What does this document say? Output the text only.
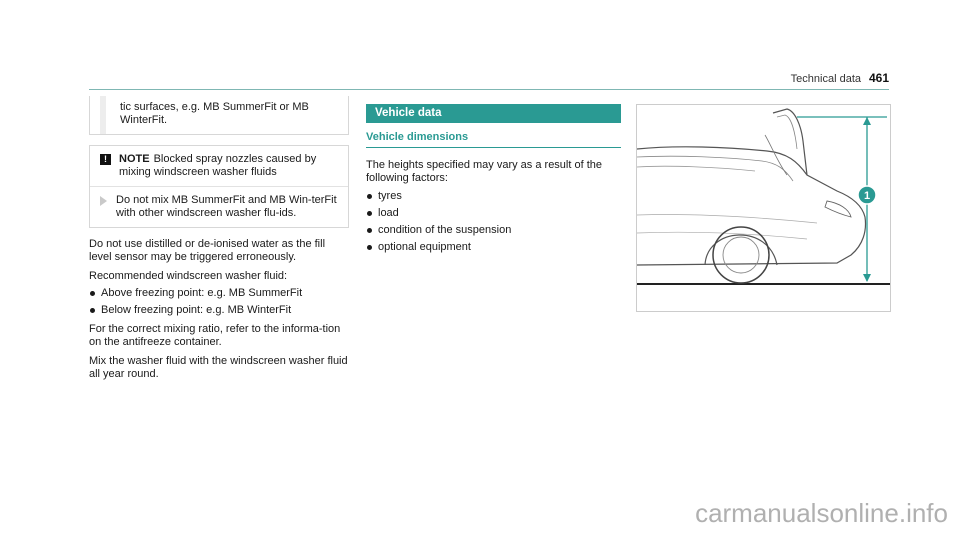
Technical data 461
tic surfaces, e.g. MB SummerFit or MB WinterFit.
!	NOTE Blocked spray nozzles caused by mixing windscreen washer fluids
Do not mix MB SummerFit and MB Win-terFit with other windscreen washer flu-ids.

Do not use distilled or de-ionised water as the fill level sensor may be triggered erroneously.

Recommended windscreen washer fluid:

Above freezing point: e.g. MB SummerFit
Below freezing point: e.g. MB WinterFit

For the correct mixing ratio, refer to the informa-tion on the antifreeze container.

Mix the washer fluid with the windscreen washer fluid all year round.

Vehicle data
Vehicle dimensions

The heights specified may vary as a result of the following factors:

tyres
load
condition of the suspension
optional equipment
1
carmanualsonline.info
